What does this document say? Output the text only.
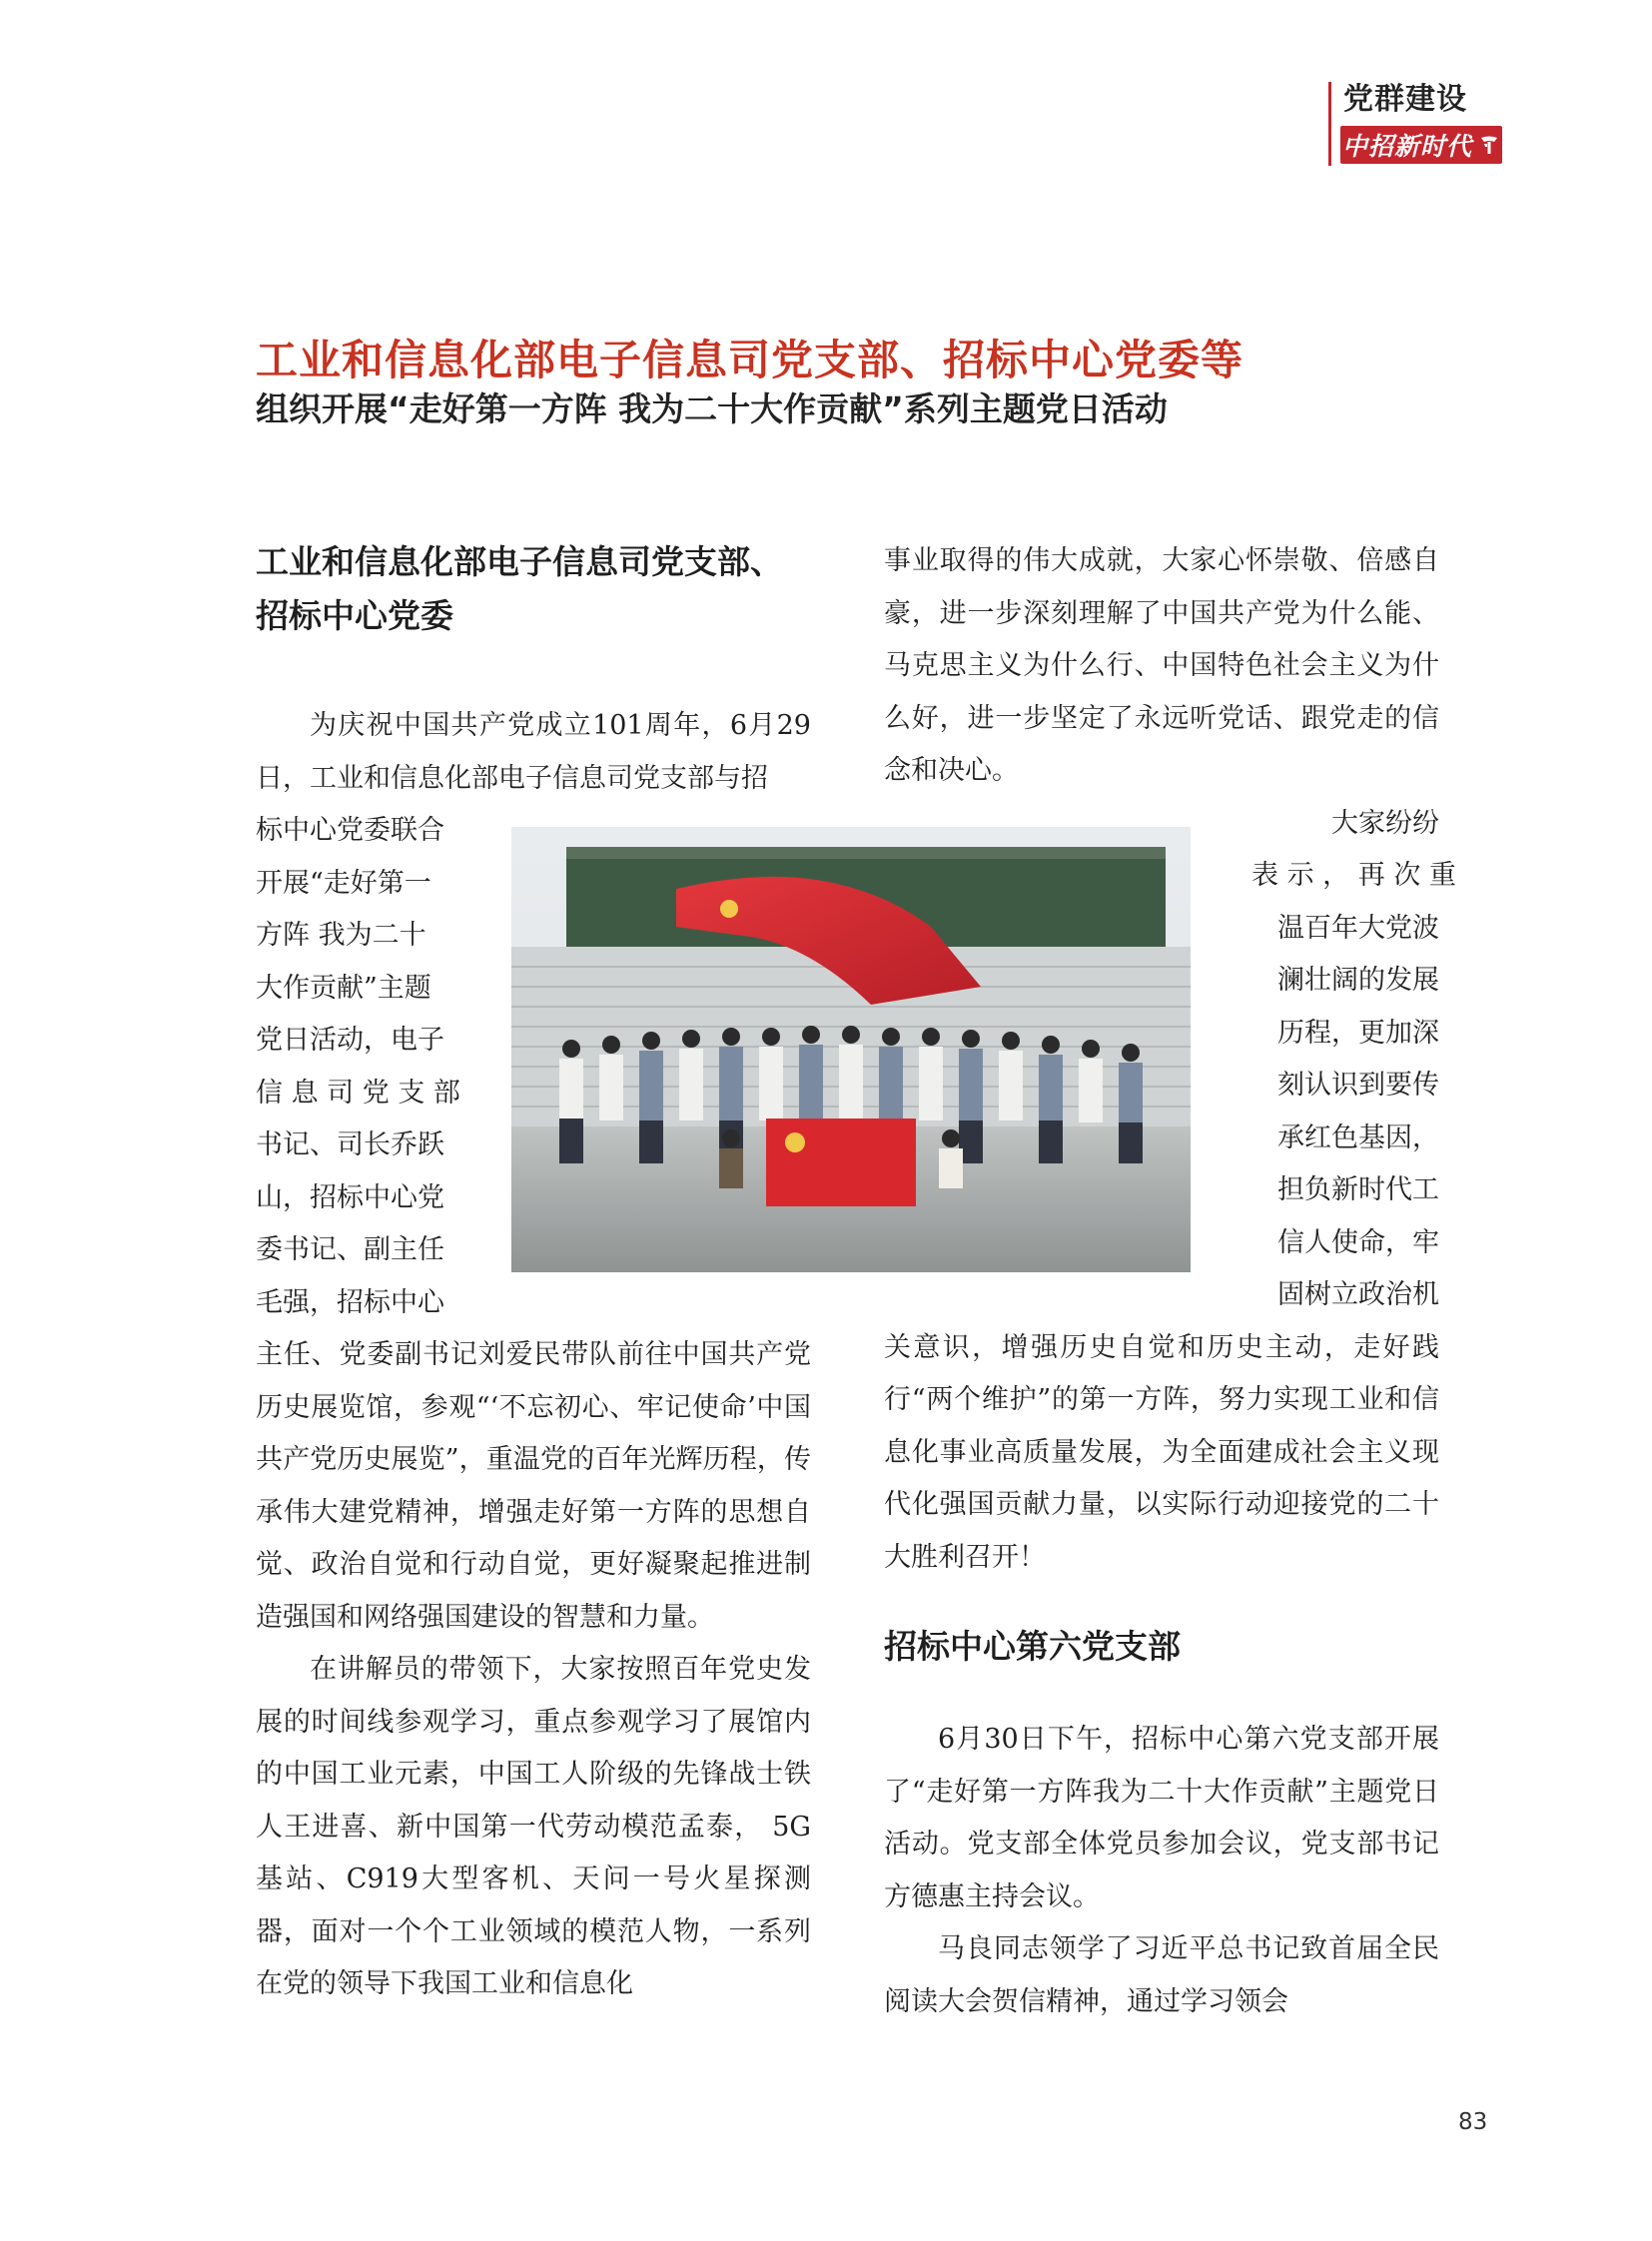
党群建设
中招新时代
工业和信息化部电子信息司党支部、招标中心党委等
组织开展“走好第一方阵 我为二十大作贡献”系列主题党日活动
工业和信息化部电子信息司党支部、
招标中心党委

为庆祝中国共产党成立101周年，6月29日，工业和信息化部电子信息司党支部与招

标中心党委联合
开展“走好第一
方阵 我为二十
大作贡献”主题
党日活动，电子
信 息 司 党 支 部
书记、司长乔跃
山，招标中心党
委书记、副主任
毛强，招标中心

主任、党委副书记刘爱民带队前往中国共产党历史展览馆，参观“‘不忘初心、牢记使命’中国共产党历史展览”，重温党的百年光辉历程，传承伟大建党精神，增强走好第一方阵的思想自觉、政治自觉和行动自觉，更好凝聚起推进制造强国和网络强国建设的智慧和力量。

在讲解员的带领下，大家按照百年党史发展的时间线参观学习，重点参观学习了展馆内的中国工业元素，中国工人阶级的先锋战士铁人王进喜、新中国第一代劳动模范孟泰， 5G基站、C919大型客机、天问一号火星探测器，面对一个个工业领域的模范人物，一系列在党的领导下我国工业和信息化

事业取得的伟大成就，大家心怀崇敬、倍感自豪，进一步深刻理解了中国共产党为什么能、马克思主义为什么行、中国特色社会主义为什么好，进一步坚定了永远听党话、跟党走的信念和决心。

大家纷纷
表 示 ， 再 次 重
温百年大党波
澜壮阔的发展
历程，更加深
刻认识到要传
承红色基因，
担负新时代工
信人使命，牢
固树立政治机

关意识，增强历史自觉和历史主动，走好践行“两个维护”的第一方阵，努力实现工业和信息化事业高质量发展，为全面建成社会主义现代化强国贡献力量，以实际行动迎接党的二十大胜利召开！

招标中心第六党支部

6月30日下午，招标中心第六党支部开展了“走好第一方阵我为二十大作贡献”主题党日活动。党支部全体党员参加会议，党支部书记方德惠主持会议。

马良同志领学了习近平总书记致首届全民阅读大会贺信精神，通过学习领会

83
